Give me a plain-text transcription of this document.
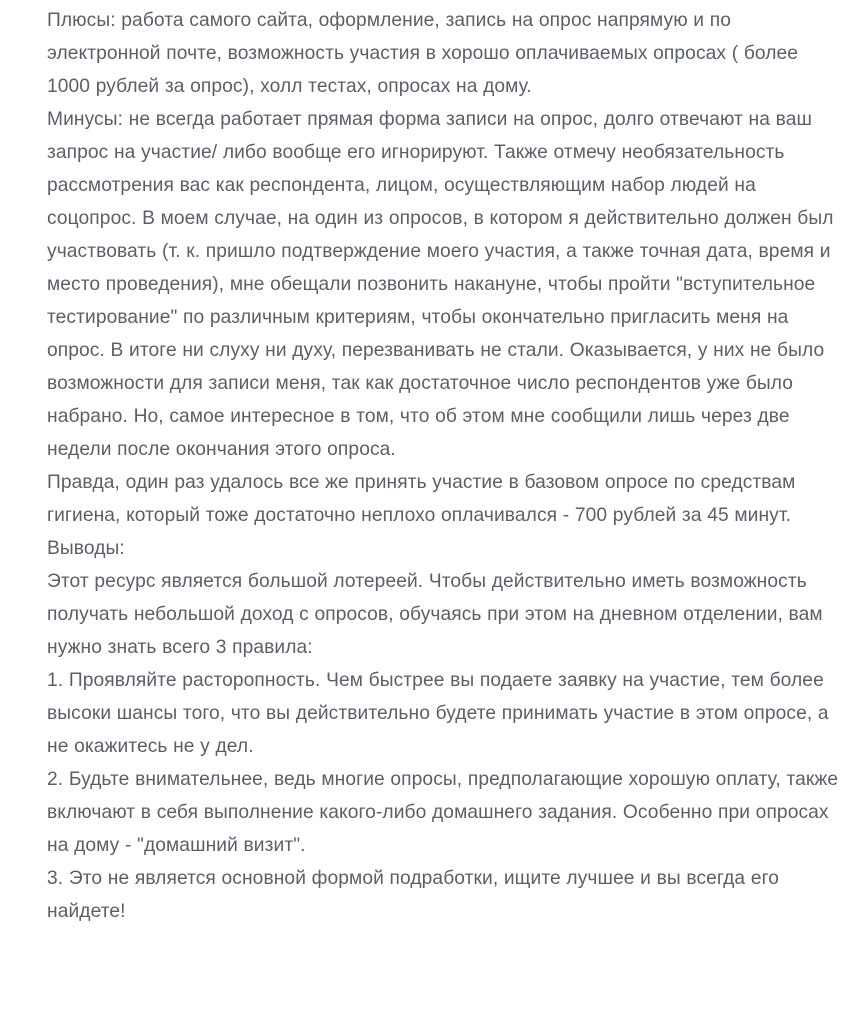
Плюсы: работа самого сайта, оформление, запись на опрос напрямую и по электронной почте, возможность участия в хорошо оплачиваемых опросах ( более 1000 рублей за опрос), холл тестах, опросах на дому.

Минусы: не всегда работает прямая форма записи на опрос, долго отвечают на ваш запрос на участие/ либо вообще его игнорируют. Также отмечу необязательность рассмотрения вас как респондента, лицом, осуществляющим набор людей на соцопрос. В моем случае, на один из опросов, в котором я действительно должен был участвовать (т. к. пришло подтверждение моего участия, а также точная дата, время и место проведения), мне обещали позвонить накануне, чтобы пройти "вступительное тестирование" по различным критериям, чтобы окончательно пригласить меня на опрос. В итоге ни слуху ни духу, перезванивать не стали. Оказывается, у них не было возможности для записи меня, так как достаточное число респондентов уже было набрано. Но, самое интересное в том, что об этом мне сообщили лишь через две недели после окончания этого опроса.

Правда, один раз удалось все же принять участие в базовом опросе по средствам гигиена, который тоже достаточно неплохо оплачивался - 700 рублей за 45 минут.

Выводы:

Этот ресурс является большой лотереей. Чтобы действительно иметь возможность получать небольшой доход с опросов, обучаясь при этом на дневном отделении, вам нужно знать всего 3 правила:

1. Проявляйте расторопность. Чем быстрее вы подаете заявку на участие, тем более высоки шансы того, что вы действительно будете принимать участие в этом опросе, а не окажитесь не у дел.

2. Будьте внимательнее, ведь многие опросы, предполагающие хорошую оплату, также включают в себя выполнение какого-либо домашнего задания. Особенно при опросах на дому - "домашний визит".

3. Это не является основной формой подработки, ищите лучшее и вы всегда его найдете!
